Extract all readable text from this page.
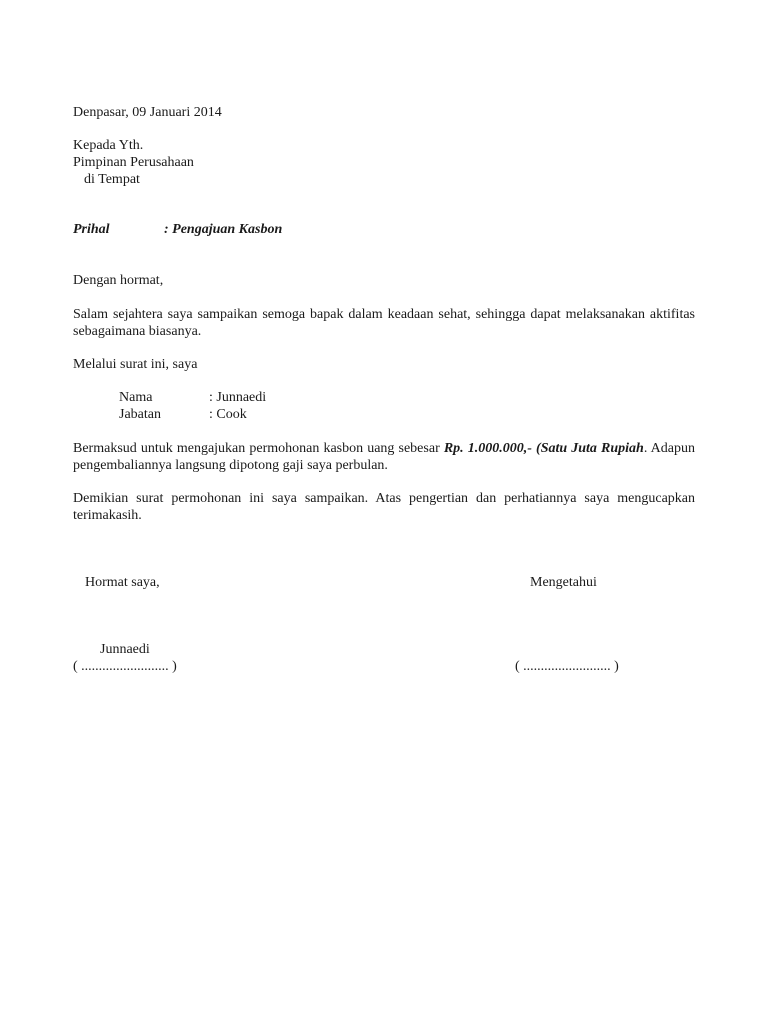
Denpasar, 09 Januari 2014
Kepada Yth.
Pimpinan Perusahaan
di Tempat
Prihal	: Pengajuan Kasbon
Dengan hormat,
Salam sejahtera saya sampaikan semoga bapak dalam keadaan sehat, sehingga dapat melaksanakan aktifitas sebagaimana biasanya.
Melalui surat ini, saya
Nama	: Junnaedi
Jabatan	: Cook
Bermaksud untuk mengajukan permohonan kasbon uang sebesar Rp. 1.000.000,- (Satu Juta Rupiah. Adapun pengembaliannya langsung dipotong gaji saya perbulan.
Demikian surat permohonan ini saya sampaikan. Atas pengertian dan perhatiannya saya mengucapkan terimakasih.
Hormat saya,	Mengetahui
Junnaedi
( ......................... )	( ......................... )
